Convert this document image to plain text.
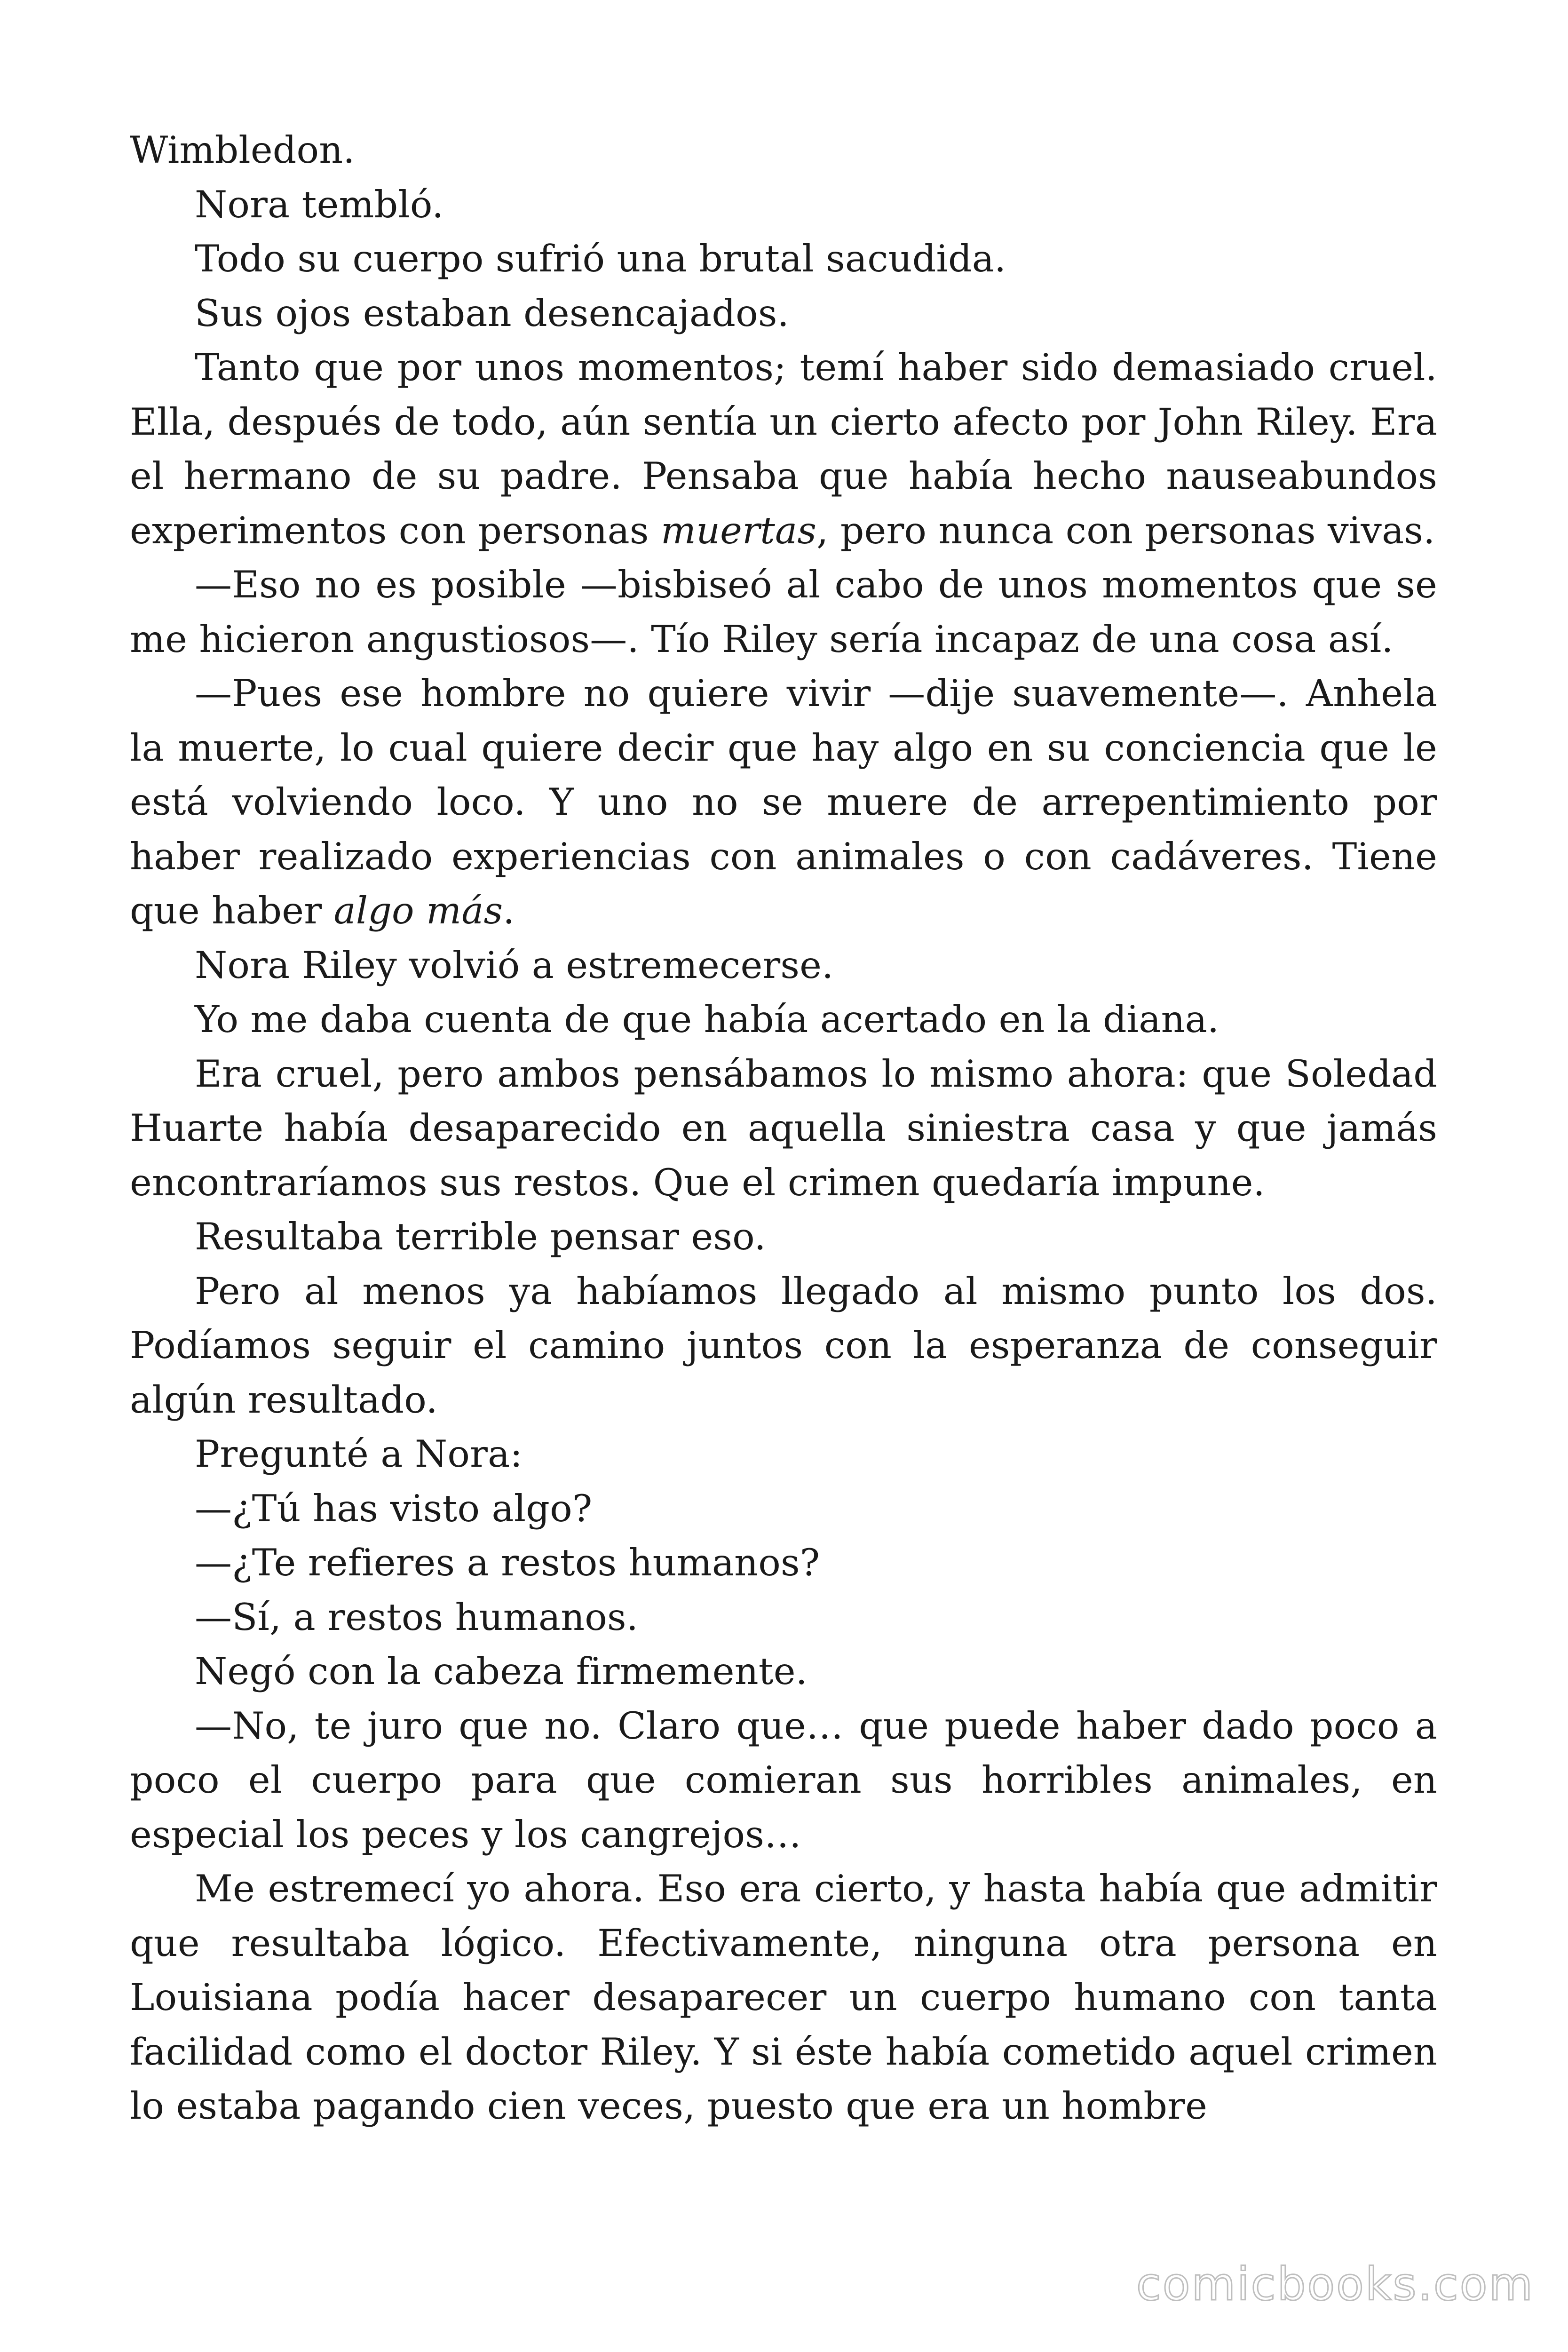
Wimbledon.

Nora tembló.

Todo su cuerpo sufrió una brutal sacudida.

Sus ojos estaban desencajados.

Tanto que por unos momentos; temí haber sido demasiado cruel. Ella, después de todo, aún sentía un cierto afecto por John Riley. Era el hermano de su padre. Pensaba que había hecho nauseabundos experimentos con personas muertas, pero nunca con personas vivas.

—Eso no es posible —bisbiseó al cabo de unos momentos que se me hicieron angustiosos—. Tío Riley sería incapaz de una cosa así.

—Pues ese hombre no quiere vivir —dije suavemente—. Anhela la muerte, lo cual quiere decir que hay algo en su conciencia que le está volviendo loco. Y uno no se muere de arrepentimiento por haber realizado experiencias con animales o con cadáveres. Tiene que haber algo más.

Nora Riley volvió a estremecerse.

Yo me daba cuenta de que había acertado en la diana.

Era cruel, pero ambos pensábamos lo mismo ahora: que Soledad Huarte había desaparecido en aquella siniestra casa y que jamás encontraríamos sus restos. Que el crimen quedaría impune.

Resultaba terrible pensar eso.

Pero al menos ya habíamos llegado al mismo punto los dos. Podíamos seguir el camino juntos con la esperanza de conseguir algún resultado.

Pregunté a Nora:

—¿Tú has visto algo?

—¿Te refieres a restos humanos?

—Sí, a restos humanos.

Negó con la cabeza firmemente.

—No, te juro que no. Claro que… que puede haber dado poco a poco el cuerpo para que comieran sus horribles animales, en especial los peces y los cangrejos…

Me estremecí yo ahora. Eso era cierto, y hasta había que admitir que resultaba lógico. Efectivamente, ninguna otra persona en Louisiana podía hacer desaparecer un cuerpo humano con tanta facilidad como el doctor Riley. Y si éste había cometido aquel crimen lo estaba pagando cien veces, puesto que era un hombre

comicbooks.com
